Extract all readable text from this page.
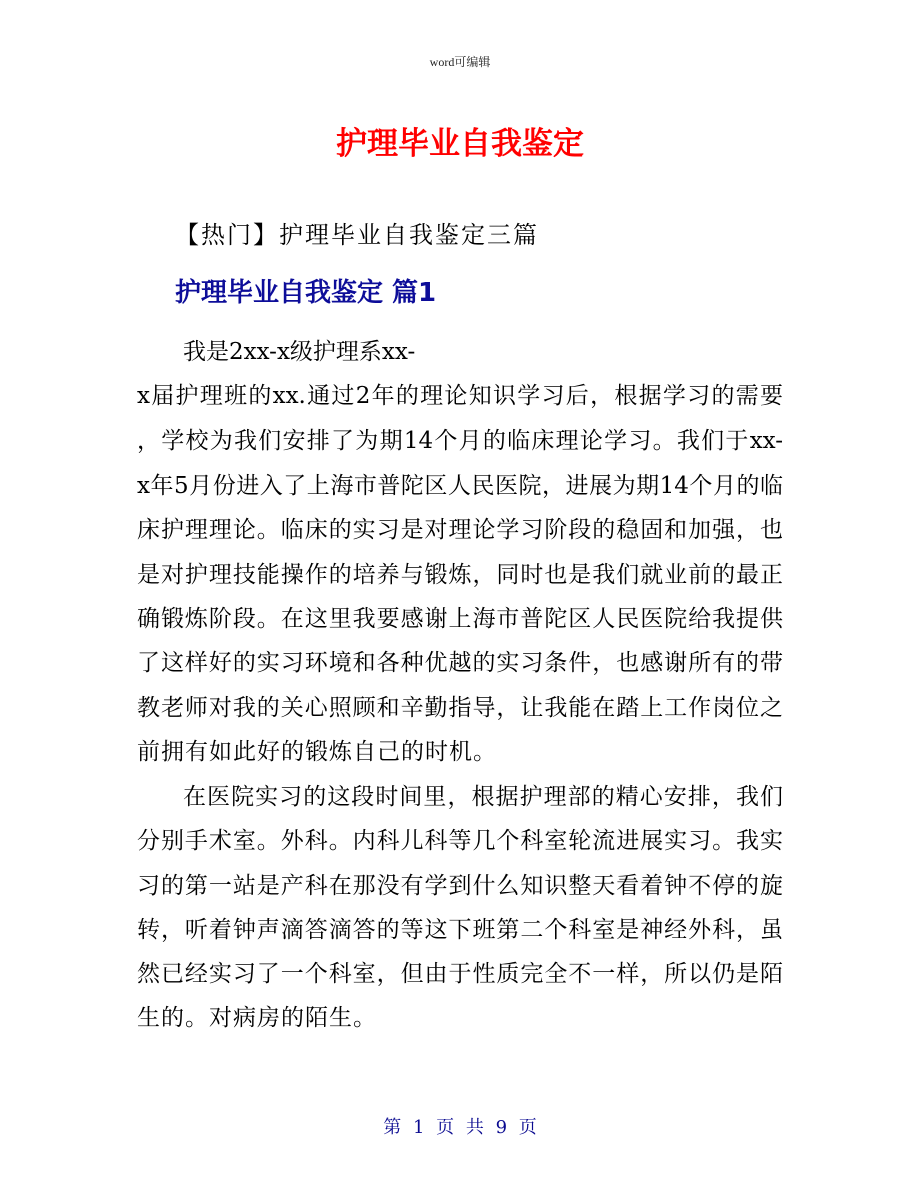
word可编辑
护理毕业自我鉴定
【热门】护理毕业自我鉴定三篇
护理毕业自我鉴定 篇1
我是2xx-x级护理系xx-
x届护理班的xx.通过2年的理论知识学习后，根据学习的需要
，学校为我们安排了为期14个月的临床理论学习。我们于xx-
x年5月份进入了上海市普陀区人民医院，进展为期14个月的临
床护理理论。临床的实习是对理论学习阶段的稳固和加强，也
是对护理技能操作的培养与锻炼，同时也是我们就业前的最正
确锻炼阶段。在这里我要感谢上海市普陀区人民医院给我提供
了这样好的实习环境和各种优越的实习条件，也感谢所有的带
教老师对我的关心照顾和辛勤指导，让我能在踏上工作岗位之
前拥有如此好的锻炼自己的时机。
在医院实习的这段时间里，根据护理部的精心安排，我们
分别手术室。外科。内科儿科等几个科室轮流进展实习。我实
习的第一站是产科在那没有学到什么知识整天看着钟不停的旋
转，听着钟声滴答滴答的等这下班第二个科室是神经外科，虽
然已经实习了一个科室，但由于性质完全不一样，所以仍是陌
生的。对病房的陌生。
第 1 页 共 9 页
